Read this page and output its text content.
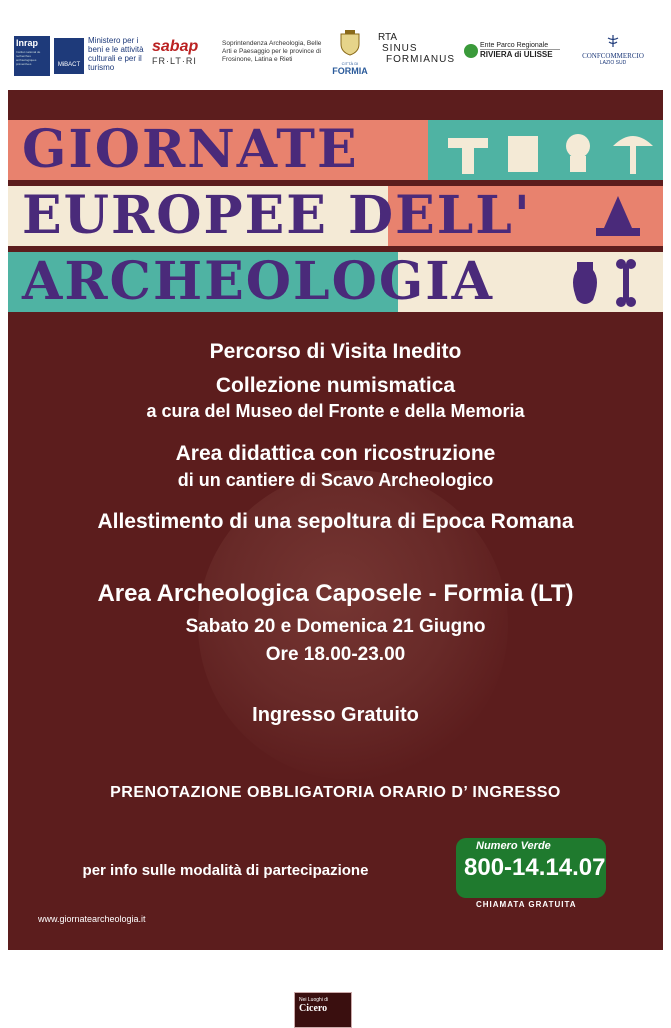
Inrap
Institut national de recherches archéologiques préventives	MiBACT
Ministero per i beni e le attività culturali e per il turismo
sabap
FR·LT·RI
Soprintendenza Archeologia, Belle Arti e Paesaggio per le province di Frosinone, Latina e Rieti
CITTÀ DI
FORMIA
RTA
SINUS
FORMIANUS
Ente Parco Regionale
RIVIERA di ULISSE	CONFCOMMERCIO
LAZIO SUD
GIORNATE
EUROPEE DELL'
ARCHEOLOGIA
Percorso di Visita Inedito
Collezione numismatica
a cura del Museo del Fronte e della Memoria
Area didattica con ricostruzione
di un cantiere di Scavo Archeologico
Allestimento di una sepoltura di Epoca Romana
Area Archeologica Caposele - Formia (LT)
Sabato 20 e Domenica 21 Giugno
Ore 18.00-23.00
Ingresso Gratuito
PRENOTAZIONE OBBLIGATORIA ORARIO D’ INGRESSO
per info sulle modalità di partecipazione
Numero Verde
800-14.14.07
CHIAMATA GRATUITA
Nei Luoghi di
Cicero
www.giornatearcheologia.it
